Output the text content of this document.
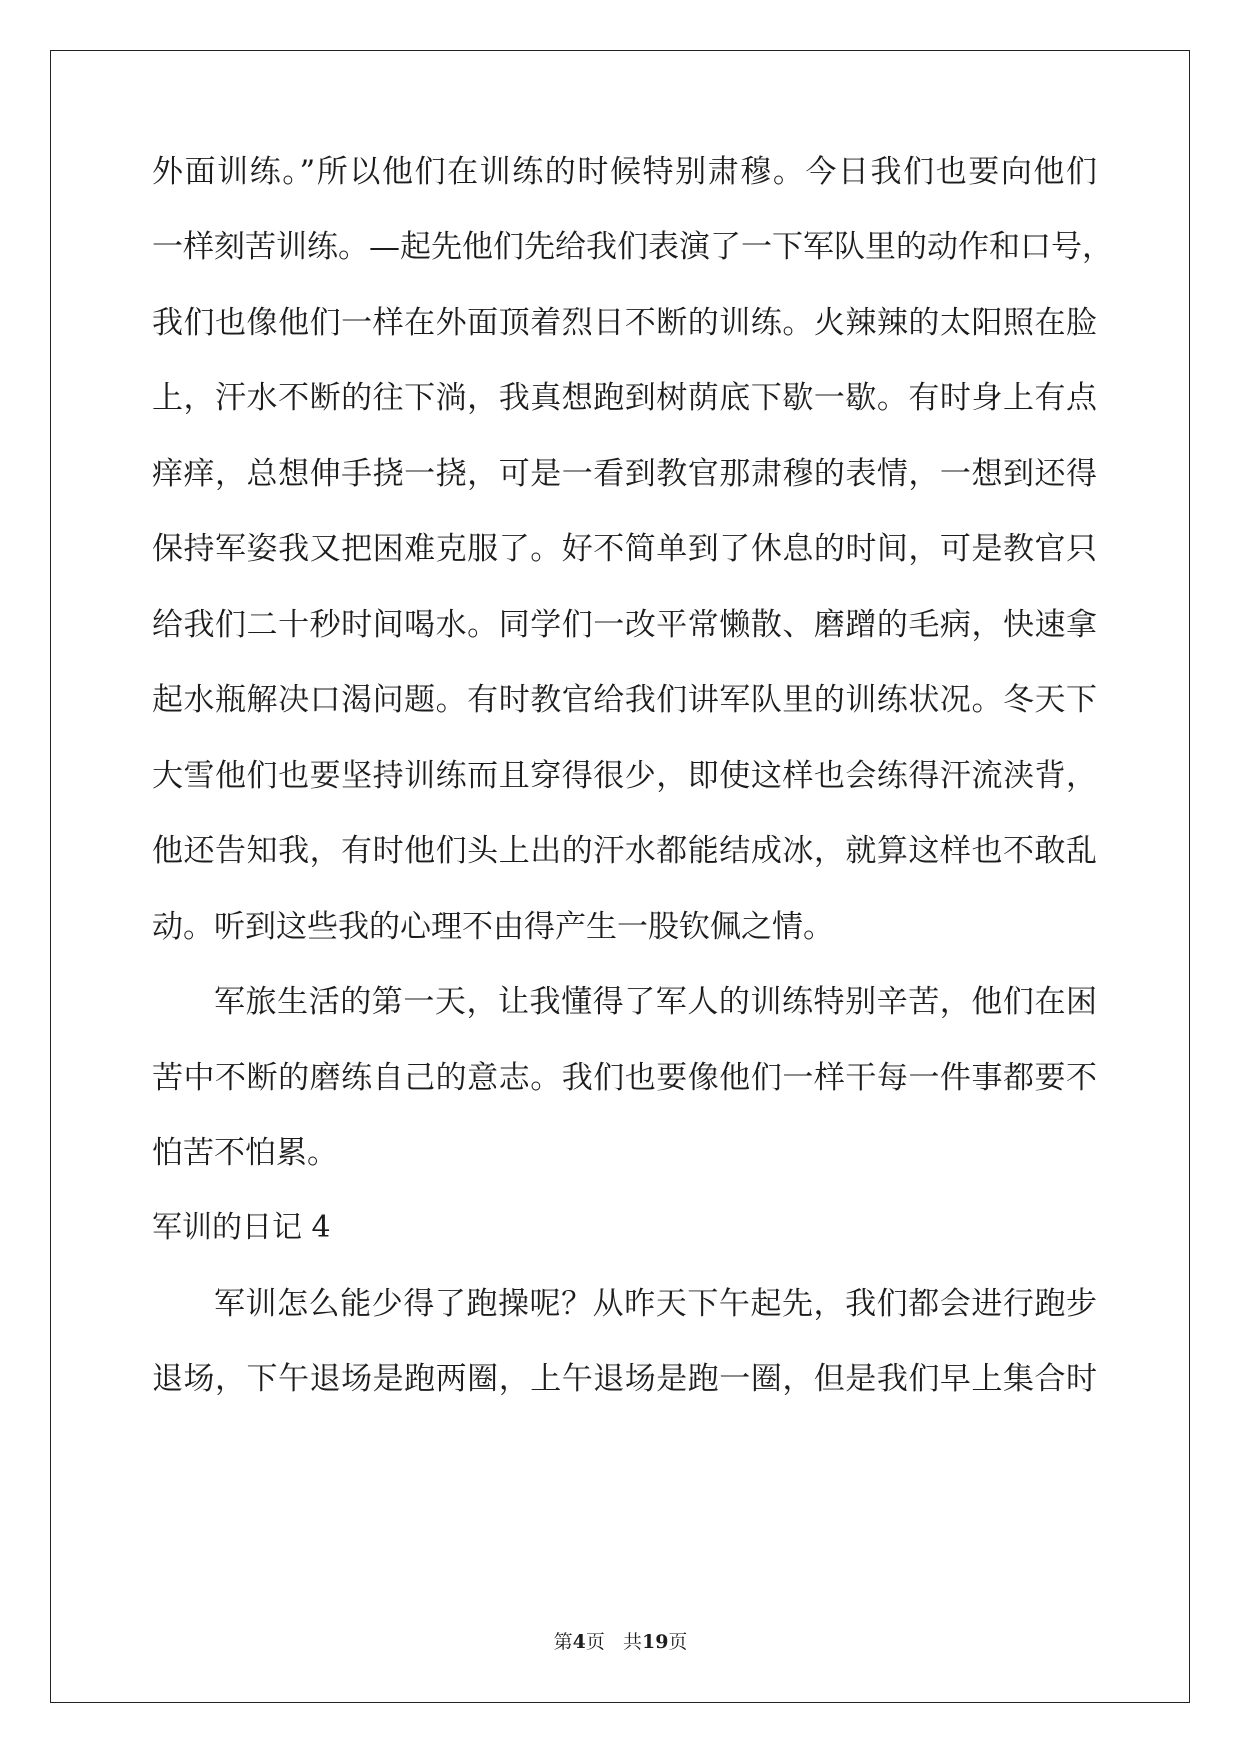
外面训练。”所以他们在训练的时候特别肃穆。今日我们也要向他们
一样刻苦训练。—起先他们先给我们表演了一下军队里的动作和口号，
我们也像他们一样在外面顶着烈日不断的训练。火辣辣的太阳照在脸
上，汗水不断的往下淌，我真想跑到树荫底下歇一歇。有时身上有点
痒痒，总想伸手挠一挠，可是一看到教官那肃穆的表情，一想到还得
保持军姿我又把困难克服了。好不简单到了休息的时间，可是教官只
给我们二十秒时间喝水。同学们一改平常懒散、磨蹭的毛病，快速拿
起水瓶解决口渴问题。有时教官给我们讲军队里的训练状况。冬天下
大雪他们也要坚持训练而且穿得很少，即使这样也会练得汗流浃背，
他还告知我，有时他们头上出的汗水都能结成冰，就算这样也不敢乱
动。听到这些我的心理不由得产生一股钦佩之情。
军旅生活的第一天，让我懂得了军人的训练特别辛苦，他们在困
苦中不断的磨练自己的意志。我们也要像他们一样干每一件事都要不
怕苦不怕累。
军训的日记 4
军训怎么能少得了跑操呢？从昨天下午起先，我们都会进行跑步
退场，下午退场是跑两圈，上午退场是跑一圈，但是我们早上集合时
第4页 共19页
